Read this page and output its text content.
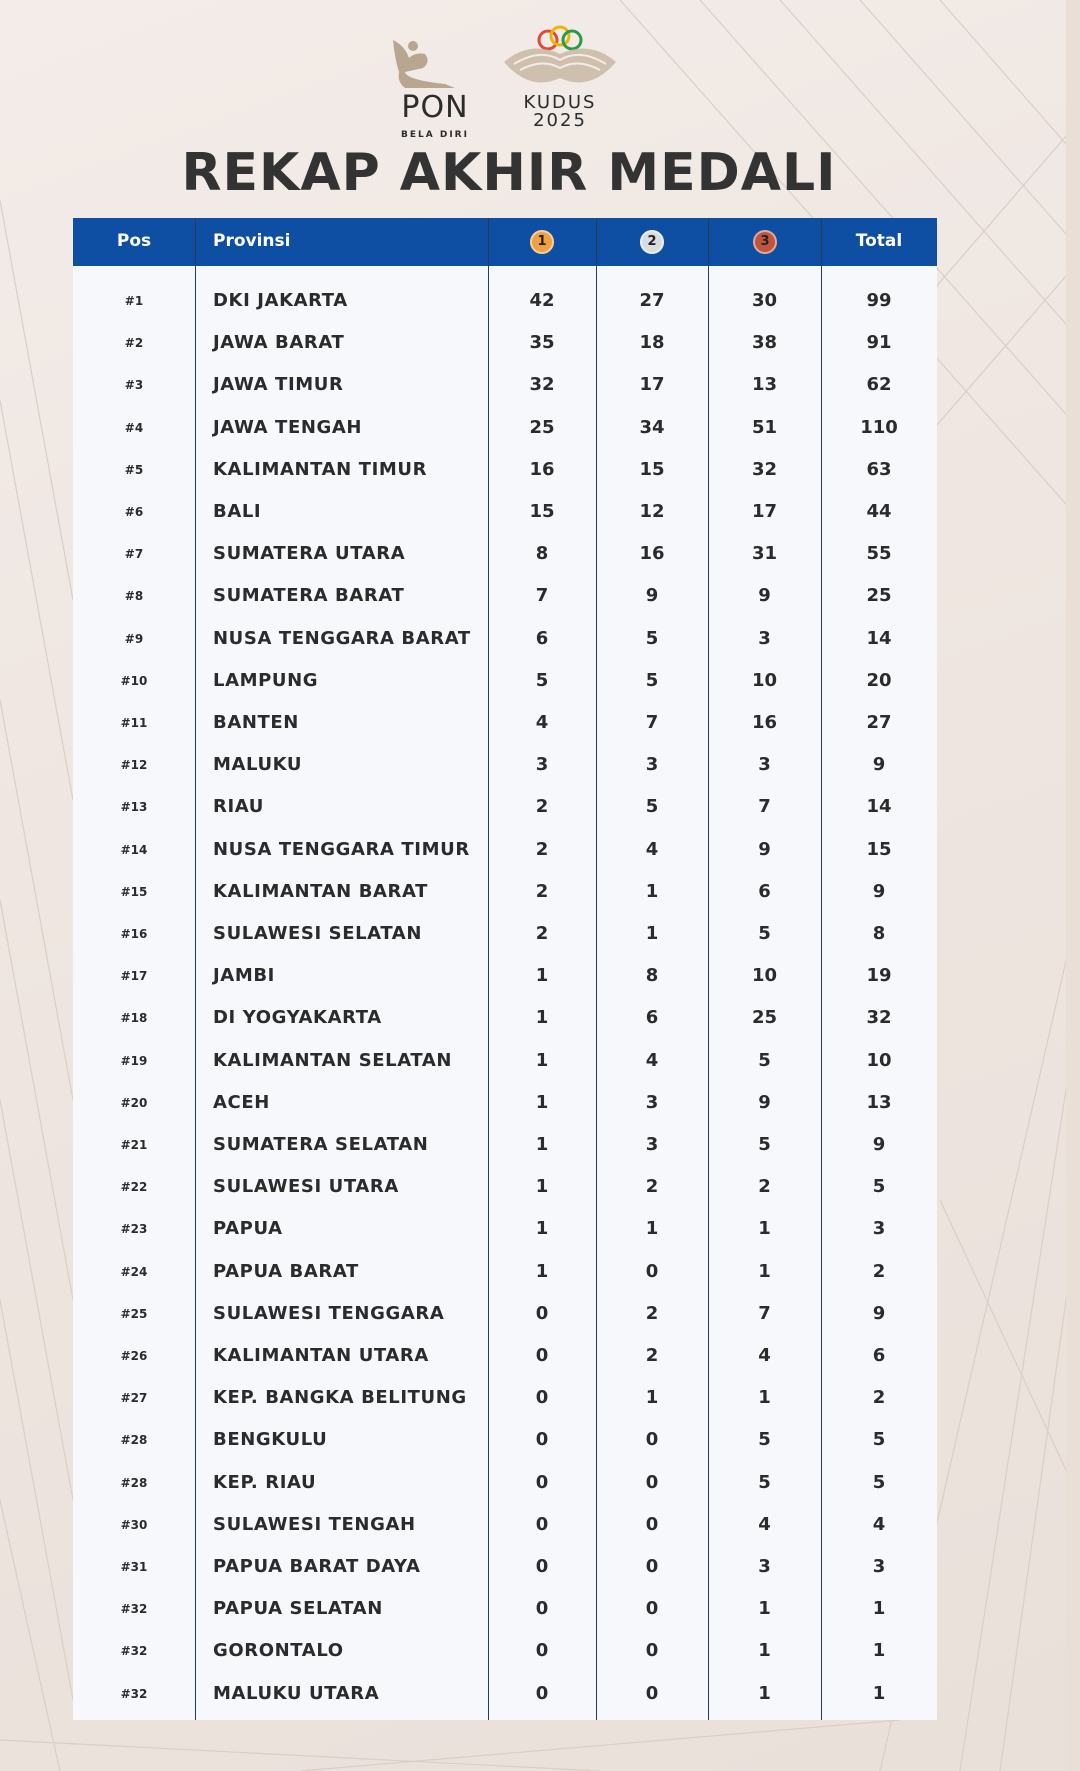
PON
BELA DIRI
KUDUS
2025
REKAP AKHIR MEDALI
Pos	Provinsi	1	2	3	Total
#1	DKI JAKARTA	42	27	30	99
#2	JAWA BARAT	35	18	38	91
#3	JAWA TIMUR	32	17	13	62
#4	JAWA TENGAH	25	34	51	110
#5	KALIMANTAN TIMUR	16	15	32	63
#6	BALI	15	12	17	44
#7	SUMATERA UTARA	8	16	31	55
#8	SUMATERA BARAT	7	9	9	25
#9	NUSA TENGGARA BARAT	6	5	3	14
#10	LAMPUNG	5	5	10	20
#11	BANTEN	4	7	16	27
#12	MALUKU	3	3	3	9
#13	RIAU	2	5	7	14
#14	NUSA TENGGARA TIMUR	2	4	9	15
#15	KALIMANTAN BARAT	2	1	6	9
#16	SULAWESI SELATAN	2	1	5	8
#17	JAMBI	1	8	10	19
#18	DI YOGYAKARTA	1	6	25	32
#19	KALIMANTAN SELATAN	1	4	5	10
#20	ACEH	1	3	9	13
#21	SUMATERA SELATAN	1	3	5	9
#22	SULAWESI UTARA	1	2	2	5
#23	PAPUA	1	1	1	3
#24	PAPUA BARAT	1	0	1	2
#25	SULAWESI TENGGARA	0	2	7	9
#26	KALIMANTAN UTARA	0	2	4	6
#27	KEP. BANGKA BELITUNG	0	1	1	2
#28	BENGKULU	0	0	5	5
#28	KEP. RIAU	0	0	5	5
#30	SULAWESI TENGAH	0	0	4	4
#31	PAPUA BARAT DAYA	0	0	3	3
#32	PAPUA SELATAN	0	0	1	1
#32	GORONTALO	0	0	1	1
#32	MALUKU UTARA	0	0	1	1
